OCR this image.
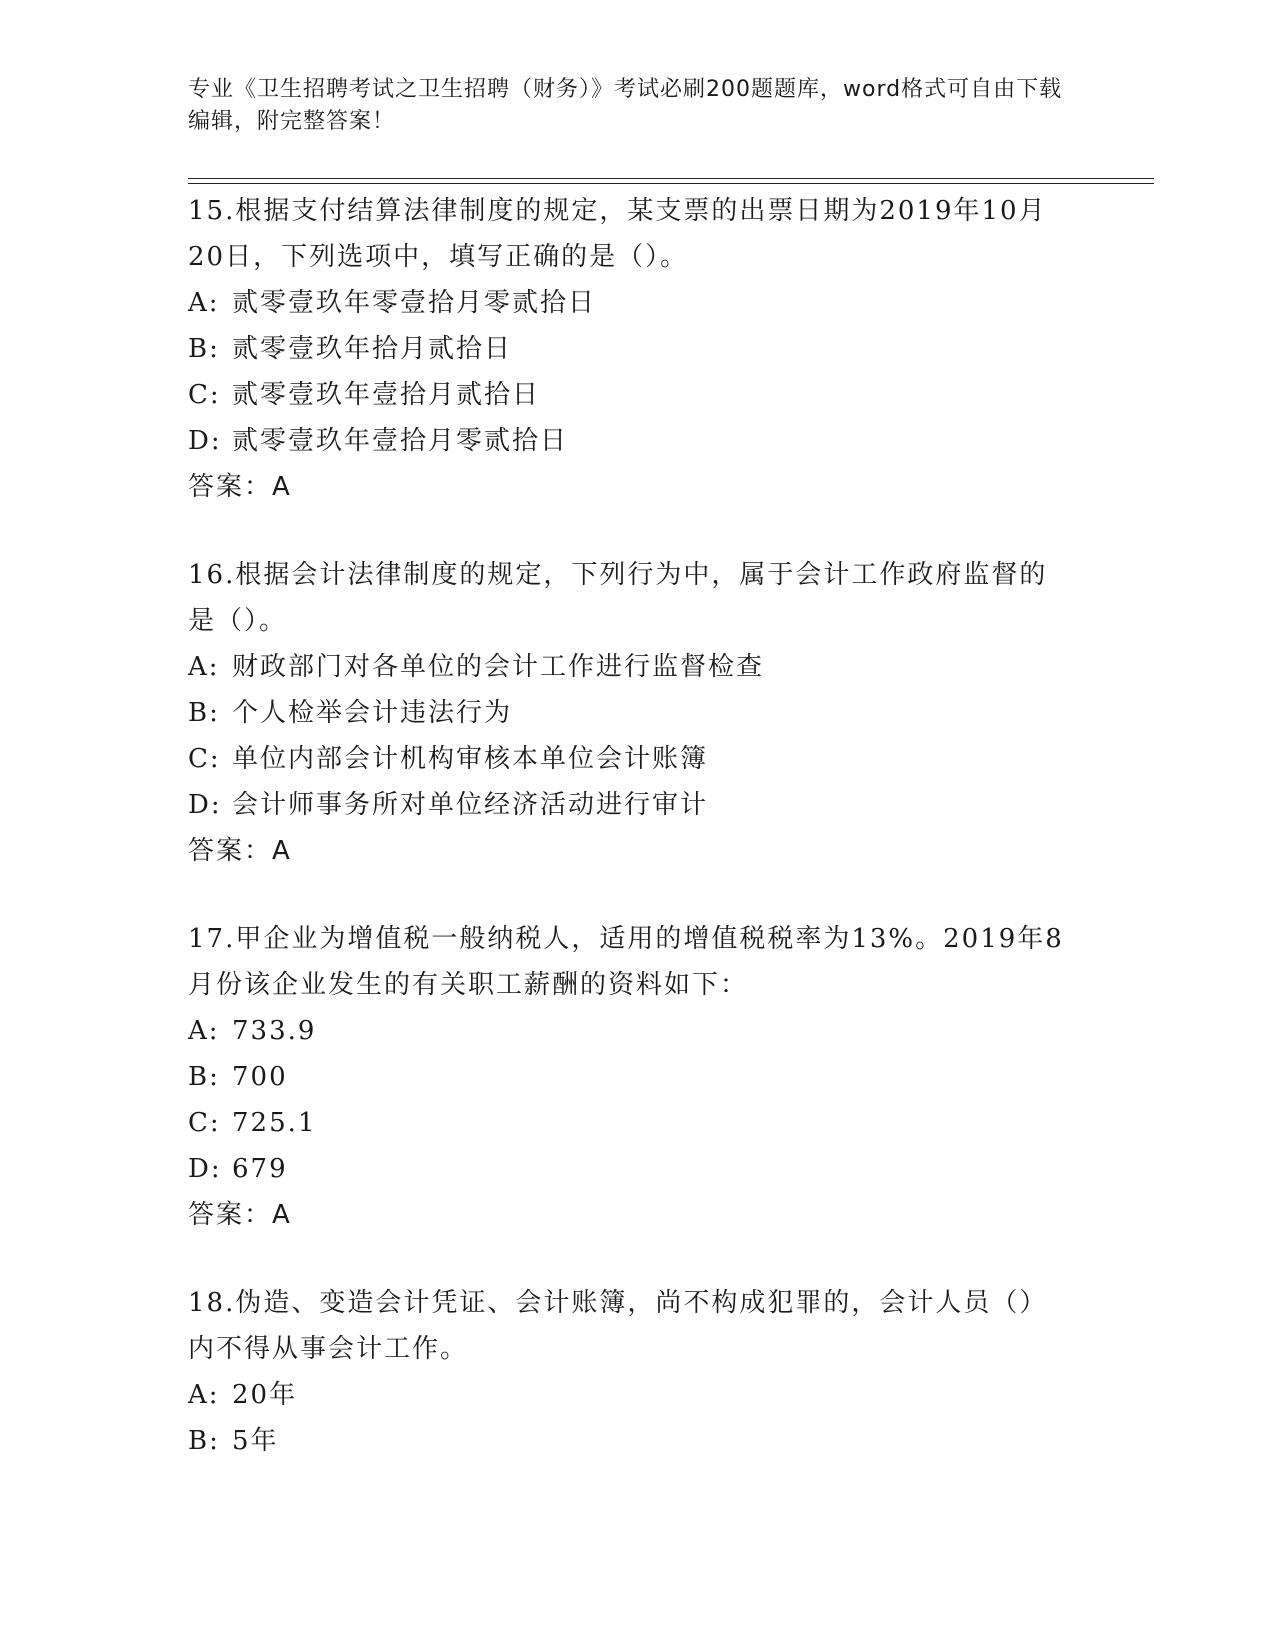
专业《卫生招聘考试之卫生招聘（财务）》考试必刷200题题库，word格式可自由下载编辑，附完整答案！
15.根据支付结算法律制度的规定，某支票的出票日期为2019年10月20日，下列选项中，填写正确的是（）。
A: 贰零壹玖年零壹拾月零贰拾日
B: 贰零壹玖年拾月贰拾日
C: 贰零壹玖年壹拾月贰拾日
D: 贰零壹玖年壹拾月零贰拾日
答案：A
16.根据会计法律制度的规定，下列行为中，属于会计工作政府监督的是（）。
A: 财政部门对各单位的会计工作进行监督检查
B: 个人检举会计违法行为
C: 单位内部会计机构审核本单位会计账簿
D: 会计师事务所对单位经济活动进行审计
答案：A
17.甲企业为增值税一般纳税人，适用的增值税税率为13%。2019年8月份该企业发生的有关职工薪酬的资料如下：
A: 733.9
B: 700
C: 725.1
D: 679
答案：A
18.伪造、变造会计凭证、会计账簿，尚不构成犯罪的，会计人员（）内不得从事会计工作。
A: 20年
B: 5年
